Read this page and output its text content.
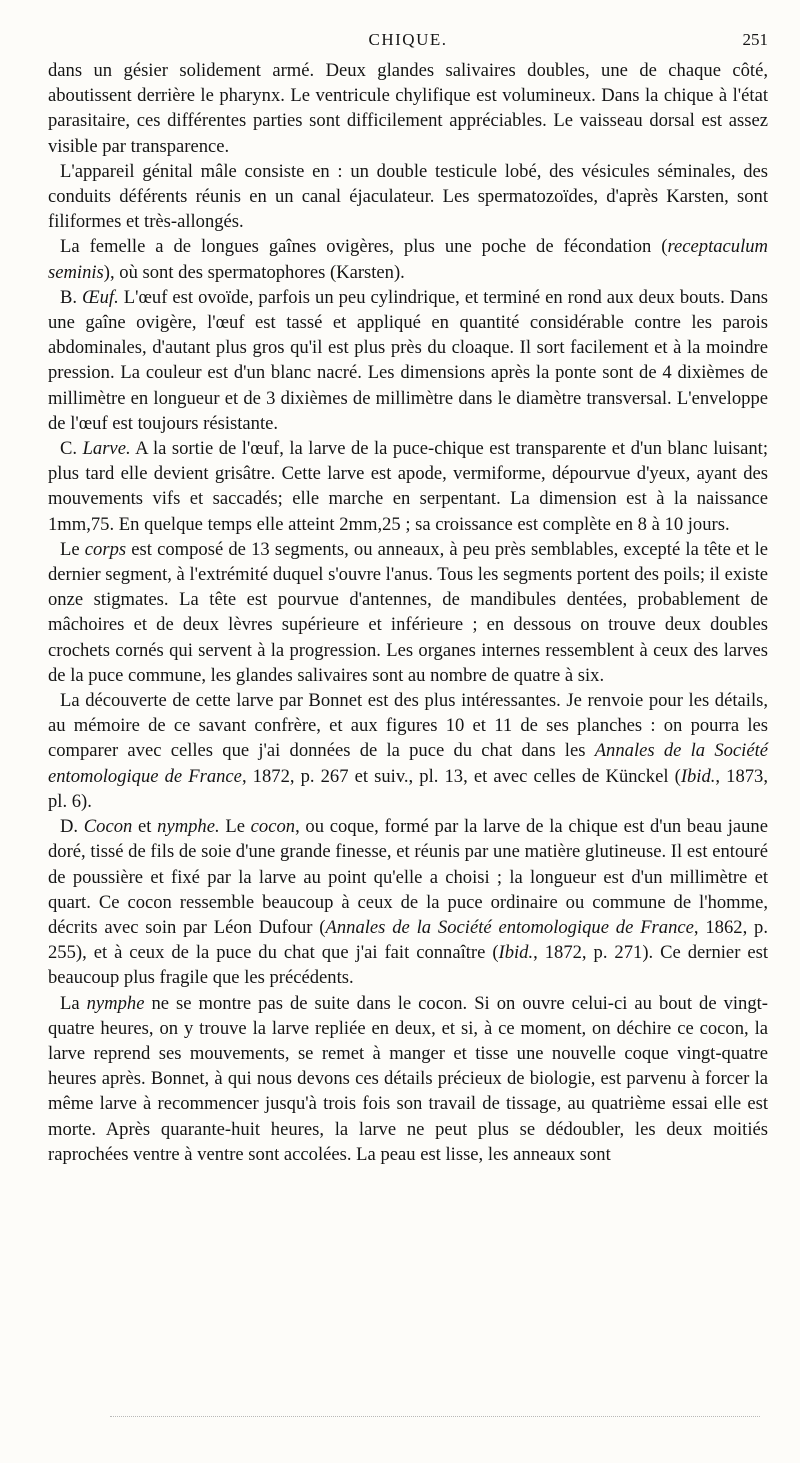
CHIQUE.	251

dans un gésier solidement armé. Deux glandes salivaires doubles, une de chaque côté, aboutissent derrière le pharynx. Le ventricule chylifique est volumineux. Dans la chique à l'état parasitaire, ces différentes parties sont difficilement appréciables. Le vaisseau dorsal est assez visible par transparence.

L'appareil génital mâle consiste en : un double testicule lobé, des vésicules séminales, des conduits déférents réunis en un canal éjaculateur. Les spermatozoïdes, d'après Karsten, sont filiformes et très-allongés.

La femelle a de longues gaînes ovigères, plus une poche de fécondation (receptaculum seminis), où sont des spermatophores (Karsten).

B. Œuf. L'œuf est ovoïde, parfois un peu cylindrique, et terminé en rond aux deux bouts. Dans une gaîne ovigère, l'œuf est tassé et appliqué en quantité considérable contre les parois abdominales, d'autant plus gros qu'il est plus près du cloaque. Il sort facilement et à la moindre pression. La couleur est d'un blanc nacré. Les dimensions après la ponte sont de 4 dixièmes de millimètre en longueur et de 3 dixièmes de millimètre dans le diamètre transversal. L'enveloppe de l'œuf est toujours résistante.

C. Larve. A la sortie de l'œuf, la larve de la puce-chique est transparente et d'un blanc luisant; plus tard elle devient grisâtre. Cette larve est apode, vermiforme, dépourvue d'yeux, ayant des mouvements vifs et saccadés; elle marche en serpentant. La dimension est à la naissance 1mm,75. En quelque temps elle atteint 2mm,25 ; sa croissance est complète en 8 à 10 jours.

Le corps est composé de 13 segments, ou anneaux, à peu près semblables, excepté la tête et le dernier segment, à l'extrémité duquel s'ouvre l'anus. Tous les segments portent des poils; il existe onze stigmates. La tête est pourvue d'antennes, de mandibules dentées, probablement de mâchoires et de deux lèvres supérieure et inférieure ; en dessous on trouve deux doubles crochets cornés qui servent à la progression. Les organes internes ressemblent à ceux des larves de la puce commune, les glandes salivaires sont au nombre de quatre à six.

La découverte de cette larve par Bonnet est des plus intéressantes. Je renvoie pour les détails, au mémoire de ce savant confrère, et aux figures 10 et 11 de ses planches : on pourra les comparer avec celles que j'ai données de la puce du chat dans les Annales de la Société entomologique de France, 1872, p. 267 et suiv., pl. 13, et avec celles de Künckel (Ibid., 1873, pl. 6).

D. Cocon et nymphe. Le cocon, ou coque, formé par la larve de la chique est d'un beau jaune doré, tissé de fils de soie d'une grande finesse, et réunis par une matière glutineuse. Il est entouré de poussière et fixé par la larve au point qu'elle a choisi ; la longueur est d'un millimètre et quart. Ce cocon ressemble beaucoup à ceux de la puce ordinaire ou commune de l'homme, décrits avec soin par Léon Dufour (Annales de la Société entomologique de France, 1862, p. 255), et à ceux de la puce du chat que j'ai fait connaître (Ibid., 1872, p. 271). Ce dernier est beaucoup plus fragile que les précédents.

La nymphe ne se montre pas de suite dans le cocon. Si on ouvre celui-ci au bout de vingt-quatre heures, on y trouve la larve repliée en deux, et si, à ce moment, on déchire ce cocon, la larve reprend ses mouvements, se remet à manger et tisse une nouvelle coque vingt-quatre heures après. Bonnet, à qui nous devons ces détails précieux de biologie, est parvenu à forcer la même larve à recommencer jusqu'à trois fois son travail de tissage, au quatrième essai elle est morte. Après quarante-huit heures, la larve ne peut plus se dédoubler, les deux moitiés raprochées ventre à ventre sont accolées. La peau est lisse, les anneaux sont
